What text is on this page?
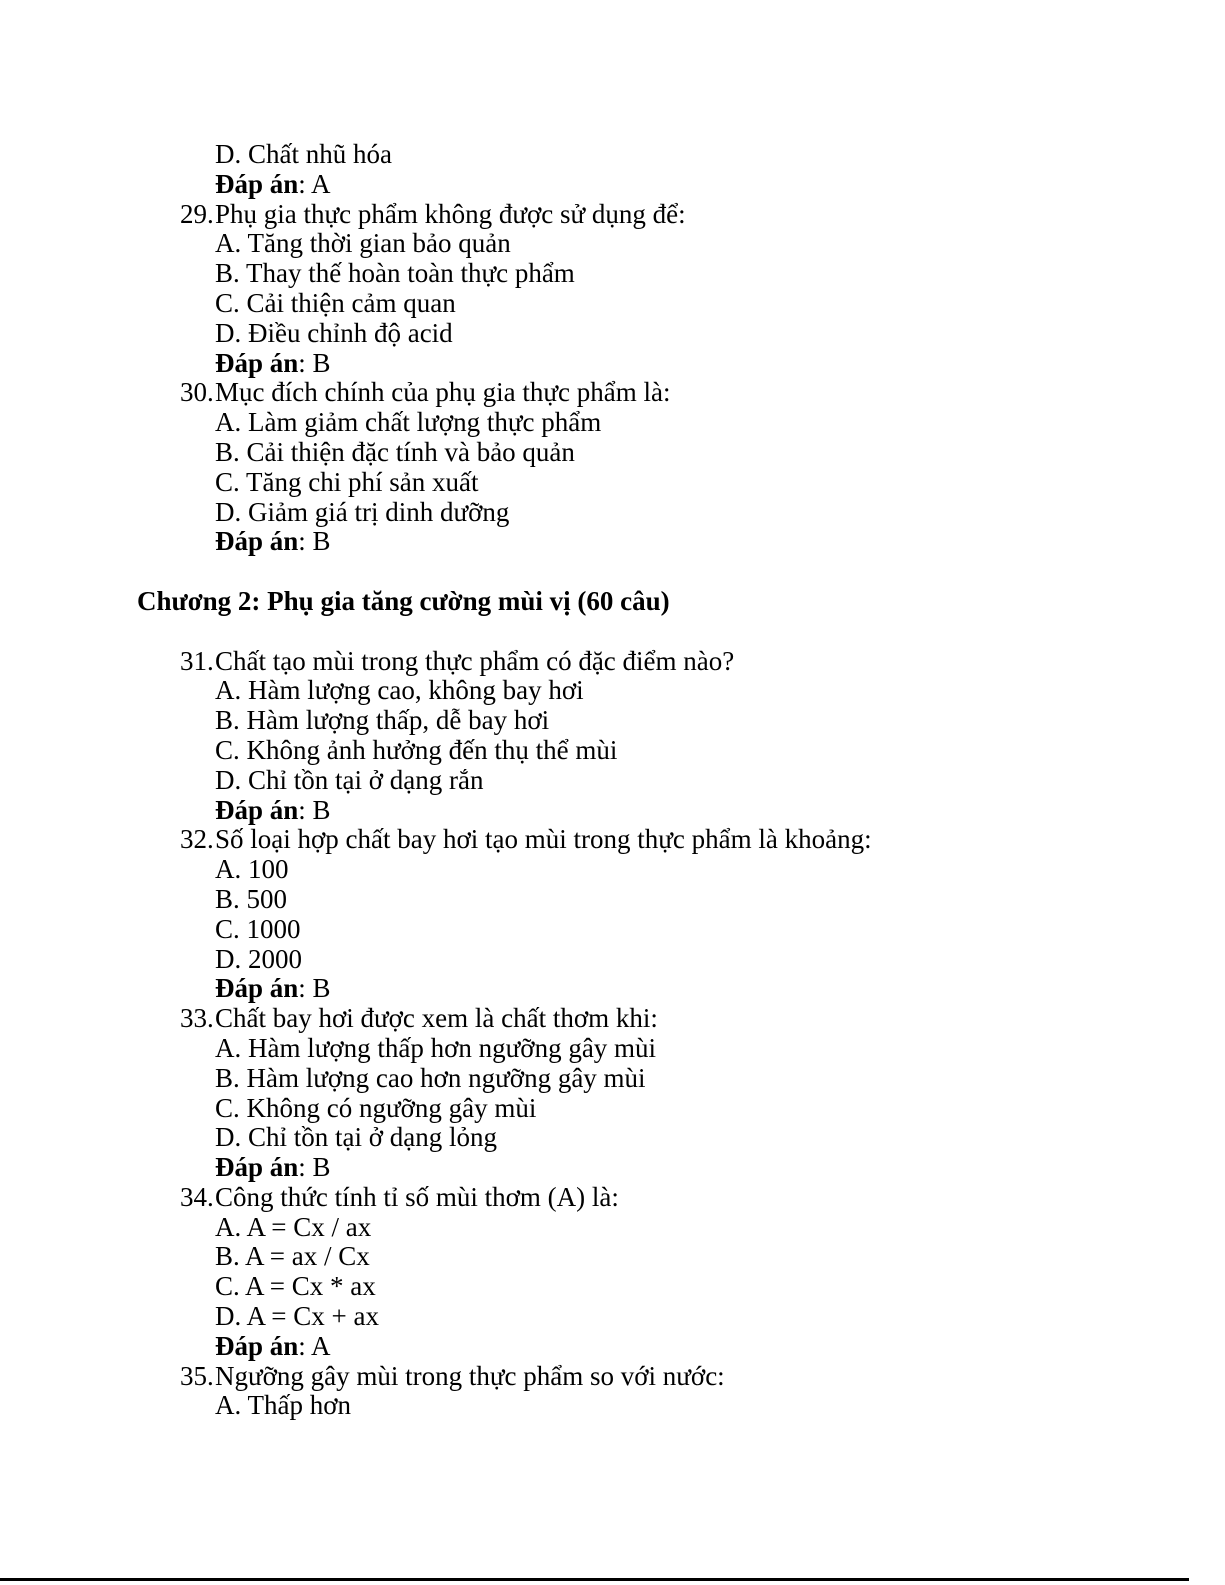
D. Chất nhũ hóa
Đáp án: A
29.Phụ gia thực phẩm không được sử dụng để:
A. Tăng thời gian bảo quản
B. Thay thế hoàn toàn thực phẩm
C. Cải thiện cảm quan
D. Điều chỉnh độ acid
Đáp án: B
30.Mục đích chính của phụ gia thực phẩm là:
A. Làm giảm chất lượng thực phẩm
B. Cải thiện đặc tính và bảo quản
C. Tăng chi phí sản xuất
D. Giảm giá trị dinh dưỡng
Đáp án: B
Chương 2: Phụ gia tăng cường mùi vị (60 câu)
31.Chất tạo mùi trong thực phẩm có đặc điểm nào?
A. Hàm lượng cao, không bay hơi
B. Hàm lượng thấp, dễ bay hơi
C. Không ảnh hưởng đến thụ thể mùi
D. Chỉ tồn tại ở dạng rắn
Đáp án: B
32.Số loại hợp chất bay hơi tạo mùi trong thực phẩm là khoảng:
A. 100
B. 500
C. 1000
D. 2000
Đáp án: B
33.Chất bay hơi được xem là chất thơm khi:
A. Hàm lượng thấp hơn ngưỡng gây mùi
B. Hàm lượng cao hơn ngưỡng gây mùi
C. Không có ngưỡng gây mùi
D. Chỉ tồn tại ở dạng lỏng
Đáp án: B
34.Công thức tính tỉ số mùi thơm (A) là:
A. A = Cx / ax
B. A = ax / Cx
C. A = Cx * ax
D. A = Cx + ax
Đáp án: A
35.Ngưỡng gây mùi trong thực phẩm so với nước:
A. Thấp hơn
